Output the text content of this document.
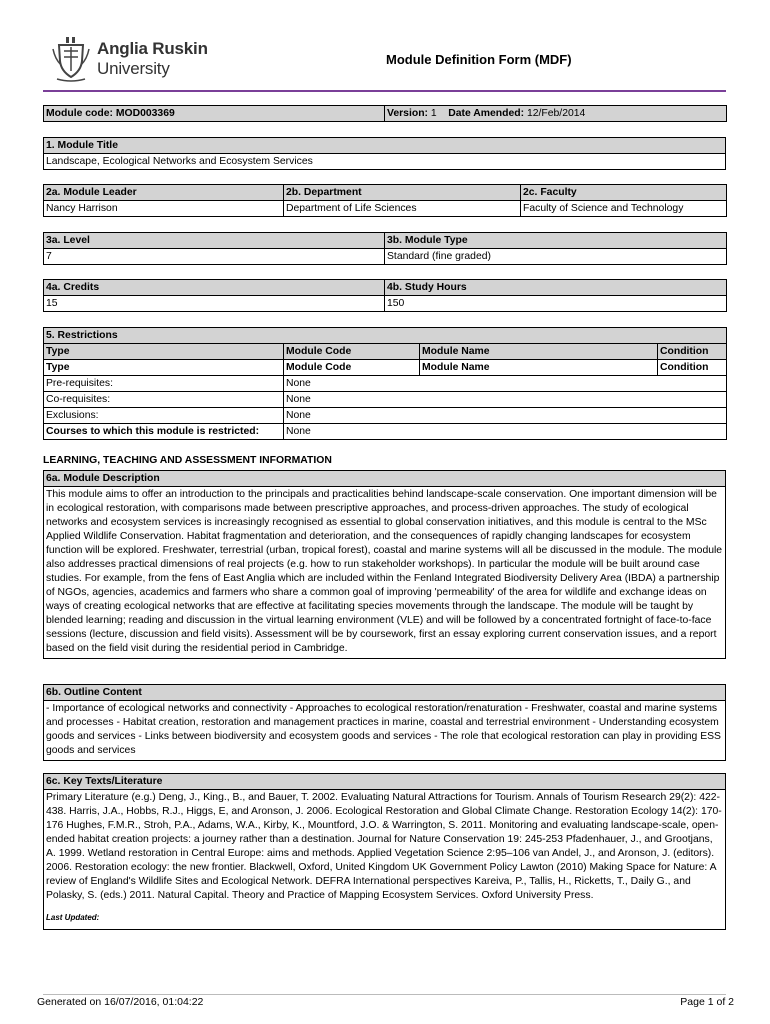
Anglia Ruskin
University	Module Definition Form (MDF)
Module code: MOD003369	Version: 1 Date Amended: 12/Feb/2014
1. Module Title
Landscape, Ecological Networks and Ecosystem Services
2a. Module Leader	2b. Department	2c. Faculty
Nancy Harrison	Department of Life Sciences	Faculty of Science and Technology
3a. Level	3b. Module Type
7	Standard (fine graded)
4a. Credits	4b. Study Hours
15	150
5. Restrictions			
Type	Module Code	Module Name	Condition
Type	Module Code	Module Name	Condition
Pre-requisites:	None		
Co-requisites:	None		
Exclusions:	None		
Courses to which this module is restricted:	None		
LEARNING, TEACHING AND ASSESSMENT INFORMATION
6a. Module Description
This module aims to offer an introduction to the principals and practicalities behind landscape-scale conservation. One important dimension will be in ecological restoration, with comparisons made between prescriptive approaches, and process-driven approaches. The study of ecological networks and ecosystem services is increasingly recognised as essential to global conservation initiatives, and this module is central to the MSc Applied Wildlife Conservation. Habitat fragmentation and deterioration, and the consequences of rapidly changing landscapes for ecosystem function will be explored. Freshwater, terrestrial (urban, tropical forest), coastal and marine systems will all be discussed in the module. The module also addresses practical dimensions of real projects (e.g. how to run stakeholder workshops). In particular the module will be built around case studies. For example, from the fens of East Anglia which are included within the Fenland Integrated Biodiversity Delivery Area (IBDA) a partnership of NGOs, agencies, academics and farmers who share a common goal of improving 'permeability' of the area for wildlife and exchange ideas on ways of creating ecological networks that are effective at facilitating species movements through the landscape. The module will be taught by blended learning; reading and discussion in the virtual learning environment (VLE) and will be followed by a concentrated fortnight of face-to-face sessions (lecture, discussion and field visits). Assessment will be by coursework, first an essay exploring current conservation issues, and a report based on the field visit during the residential period in Cambridge.
6b. Outline Content
- Importance of ecological networks and connectivity - Approaches to ecological restoration/renaturation - Freshwater, coastal and marine systems and processes - Habitat creation, restoration and management practices in marine, coastal and terrestrial environment - Understanding ecosystem goods and services - Links between biodiversity and ecosystem goods and services - The role that ecological restoration can play in providing ESS goods and services
6c. Key Texts/Literature
Primary Literature (e.g.) Deng, J., King., B., and Bauer, T. 2002. Evaluating Natural Attractions for Tourism. Annals of Tourism Research 29(2): 422-438. Harris, J.A., Hobbs, R.J., Higgs, E, and Aronson, J. 2006. Ecological Restoration and Global Climate Change. Restoration Ecology 14(2): 170-176 Hughes, F.M.R., Stroh, P.A., Adams, W.A., Kirby, K., Mountford, J.O. & Warrington, S. 2011. Monitoring and evaluating landscape-scale, open-ended habitat creation projects: a journey rather than a destination. Journal for Nature Conservation 19: 245-253 Pfadenhauer, J., and Grootjans, A. 1999. Wetland restoration in Central Europe: aims and methods. Applied Vegetation Science 2:95–106 van Andel, J., and Aronson, J. (editors). 2006. Restoration ecology: the new frontier. Blackwell, Oxford, United Kingdom UK Government Policy Lawton (2010) Making Space for Nature: A review of England's Wildlife Sites and Ecological Network. DEFRA International perspectives Kareiva, P., Tallis, H., Ricketts, T., Daily G., and Polasky, S. (eds.) 2011. Natural Capital. Theory and Practice of Mapping Ecosystem Services. Oxford University Press.
Last Updated:
Generated on 16/07/2016, 01:04:22	Page 1 of 2
